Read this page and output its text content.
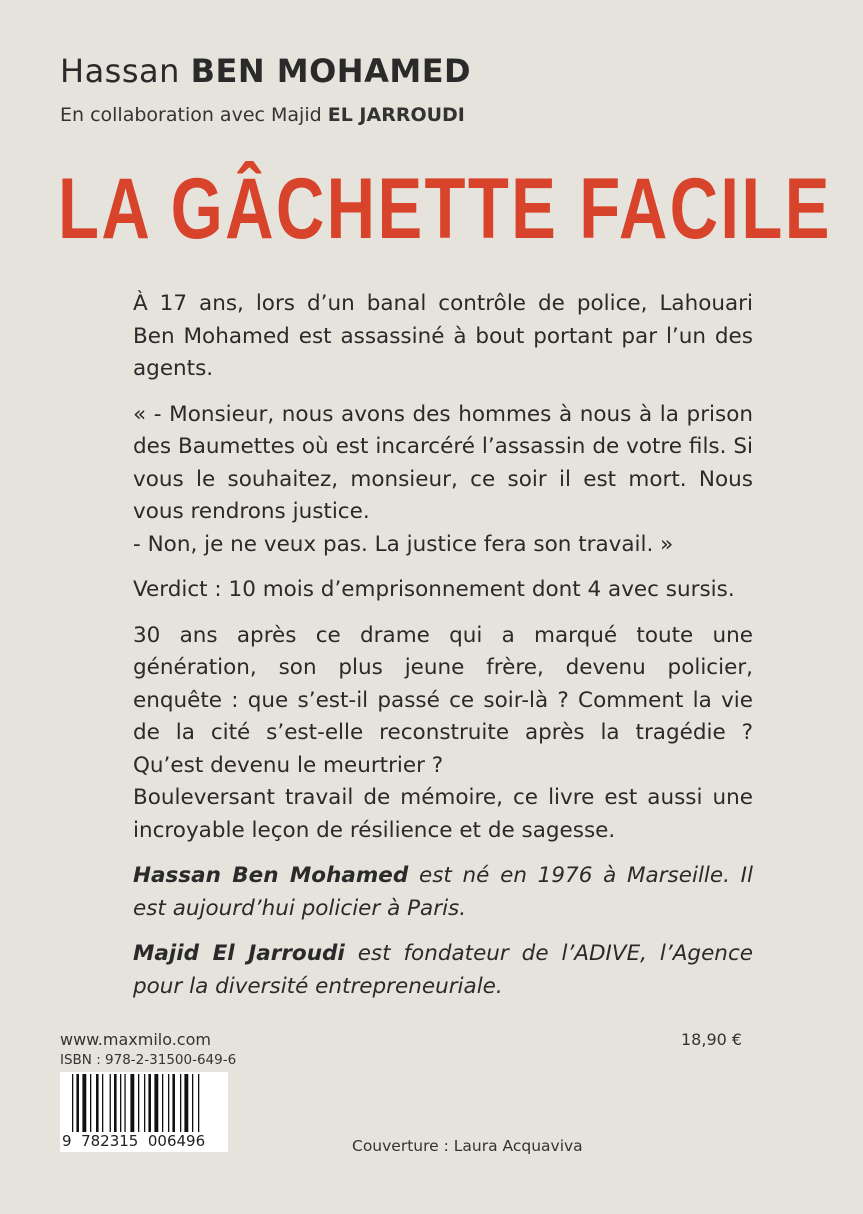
Hassan BEN MOHAMED
En collaboration avec Majid EL JARROUDI
LA GÂCHETTE FACILE

À 17 ans, lors d’un banal contrôle de police, Lahouari Ben Mohamed est assassiné à bout portant par l’un des agents.

« - Monsieur, nous avons des hommes à nous à la prison des Baumettes où est incarcéré l’assassin de votre fils. Si vous le souhaitez, monsieur, ce soir il est mort. Nous vous rendrons justice.

- Non, je ne veux pas. La justice fera son travail. »

Verdict : 10 mois d’emprisonnement dont 4 avec sursis.

30 ans après ce drame qui a marqué toute une génération, son plus jeune frère, devenu policier, enquête : que s’est-il passé ce soir-là ? Comment la vie de la cité s’est-elle reconstruite après la tragédie ? Qu’est devenu le meurtrier ?

Bouleversant travail de mémoire, ce livre est aussi une incroyable leçon de résilience et de sagesse.

Hassan Ben Mohamed est né en 1976 à Marseille. Il est aujourd’hui policier à Paris.

Majid El Jarroudi est fondateur de l’ADIVE, l’Agence pour la diversité entrepreneuriale.

www.maxmilo.com
ISBN : 978-2-31500-649-6
18,90 €
Couverture : Laura Acquaviva
9  782315  006496
